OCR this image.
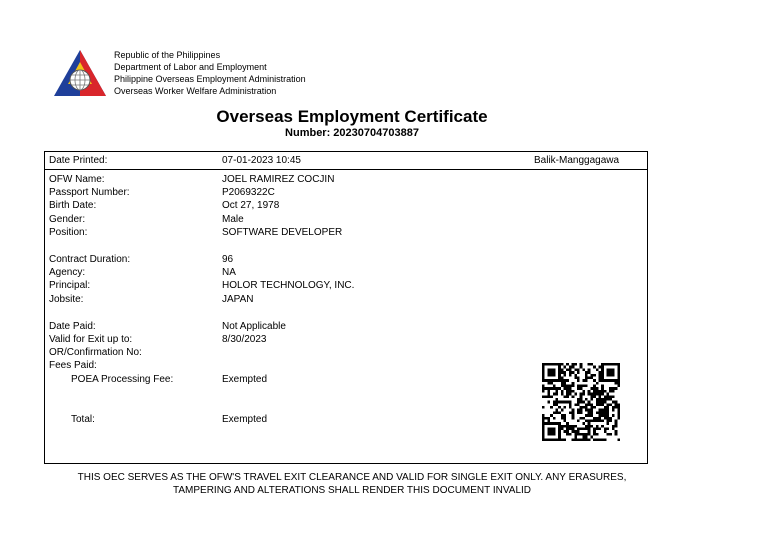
Republic of the Philippines
Department of Labor and Employment
Philippine Overseas Employment Administration
Overseas Worker Welfare Administration
Overseas Employment Certificate
Number: 20230704703887
Date Printed:	07-01-2023 10:45	Balik-Manggagawa
OFW Name:	JOEL RAMIREZ COCJIN
Passport Number:	P2069322C
Birth Date:	Oct 27, 1978
Gender:	Male
Position:	SOFTWARE DEVELOPER
Contract Duration:	96
Agency:	NA
Principal:	HOLOR TECHNOLOGY, INC.
Jobsite:	JAPAN
Date Paid:	Not Applicable
Valid for Exit up to:	8/30/2023
OR/Confirmation No:
Fees Paid:
POEA Processing Fee:	Exempted
Total:	Exempted
THIS OEC SERVES AS THE OFW'S TRAVEL EXIT CLEARANCE AND VALID FOR SINGLE EXIT ONLY. ANY ERASURES,
TAMPERING AND ALTERATIONS SHALL RENDER THIS DOCUMENT INVALID
